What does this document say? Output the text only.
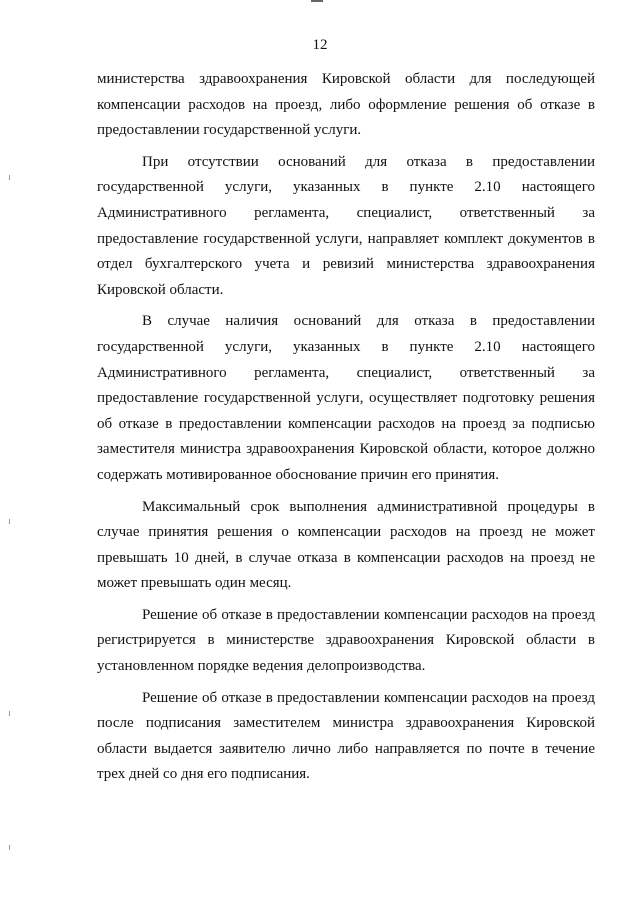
12

министерства здравоохранения Кировской области для последующей компенсации расходов на проезд, либо оформление решения об отказе в предоставлении государственной услуги.

При отсутствии оснований для отказа в предоставлении государственной услуги, указанных в пункте 2.10 настоящего Административного регламента, специалист, ответственный за предоставление государственной услуги, направляет комплект документов в отдел бухгалтерского учета и ревизий министерства здравоохранения Кировской области.

В случае наличия оснований для отказа в предоставлении государственной услуги, указанных в пункте 2.10 настоящего Административного регламента, специалист, ответственный за предоставление государственной услуги, осуществляет подготовку решения об отказе в предоставлении компенсации расходов на проезд за подписью заместителя министра здравоохранения Кировской области, которое должно содержать мотивированное обоснование причин его принятия.

Максимальный срок выполнения административной процедуры в случае принятия решения о компенсации расходов на проезд не может превышать 10 дней, в случае отказа в компенсации расходов на проезд не может превышать один месяц.

Решение об отказе в предоставлении компенсации расходов на проезд регистрируется в министерстве здравоохранения Кировской области в установленном порядке ведения делопроизводства.

Решение об отказе в предоставлении компенсации расходов на проезд после подписания заместителем министра здравоохранения Кировской области выдается заявителю лично либо направляется по почте в течение трех дней со дня его подписания.
